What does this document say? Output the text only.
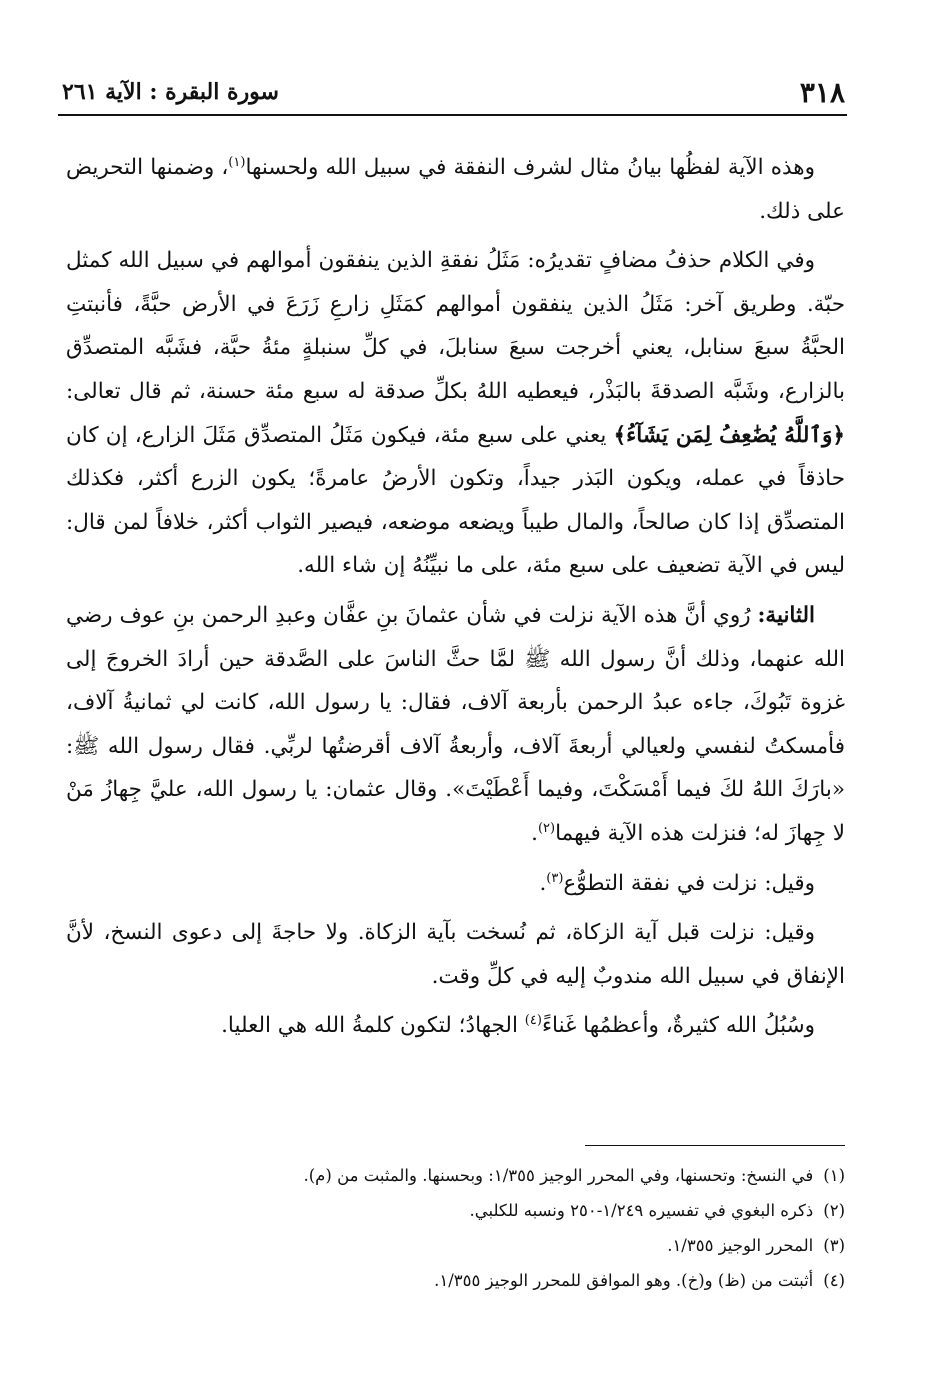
٣١٨
سورة البقرة : الآية ٢٦١

وهذه الآية لفظُها بيانُ مثال لشرف النفقة في سبيل الله ولحسنها$^{(١)}$، وضمنها التحريض على ذلك.

وفي الكلام حذفُ مضافٍ تقديرُه: مَثَلُ نفقةِ الذين ينفقون أموالهم في سبيل الله كمثل حبّة. وطريق آخر: مَثَلُ الذين ينفقون أموالهم كمَثَلِ زارعِ زَرَعَ في الأرض حبَّةً، فأنبتتِ الحبَّةُ سبعَ سنابل، يعني أخرجت سبعَ سنابلَ، في كلِّ سنبلةٍ مئةُ حبَّة، فشَبَّه المتصدِّق بالزارع، وشَبَّه الصدقةَ بالبَذْر، فيعطيه اللهُ بكلِّ صدقة له سبع مئة حسنة، ثم قال تعالى: ﴿وَٱللَّهُ يُضَٰعِفُ لِمَن يَشَآءُ﴾ يعني على سبع مئة، فيكون مَثَلُ المتصدِّق مَثَلَ الزارع، إن كان حاذقاً في عمله، ويكون البَذر جيداً، وتكون الأرضُ عامرةً؛ يكون الزرع أكثر، فكذلك المتصدِّق إذا كان صالحاً، والمال طيباً ويضعه موضعه، فيصير الثواب أكثر، خلافاً لمن قال: ليس في الآية تضعيف على سبع مئة، على ما نبيِّنُهُ إن شاء الله.

الثانية: رُوي أنَّ هذه الآية نزلت في شأن عثمانَ بنِ عفَّان وعبدِ الرحمن بنِ عوف رضي الله عنهما، وذلك أنَّ رسول الله ﷺ لمَّا حثَّ الناسَ على الصَّدقة حين أرادَ الخروجَ إلى غزوة تَبُوكَ، جاءه عبدُ الرحمن بأربعة آلاف، فقال: يا رسول الله، كانت لي ثمانيةُ آلاف، فأمسكتُ لنفسي ولعيالي أربعةَ آلاف، وأربعةُ آلاف أقرضتُها لربِّي. فقال رسول الله ﷺ: «بارَكَ اللهُ لكَ فيما أَمْسَكْتَ، وفيما أَعْطَيْتَ». وقال عثمان: يا رسول الله، عليَّ جِهازُ مَنْ لا جِهازَ له؛ فنزلت هذه الآية فيهما$^{(٢)}$.

وقيل: نزلت في نفقة التطوُّع$^{(٣)}$.

وقيل: نزلت قبل آية الزكاة، ثم نُسخت بآية الزكاة. ولا حاجةَ إلى دعوى النسخ، لأنَّ الإنفاق في سبيل الله مندوبٌ إليه في كلِّ وقت.

وسُبُلُ الله كثيرةٌ، وأعظمُها غَناءً$^{(٤)}$ الجهادُ؛ لتكون كلمةُ الله هي العليا.

(١)
في النسخ: وتحسنها، وفي المحرر الوجيز ١/٣٥٥: وبحسنها. والمثبت من (م).
(٢)
ذكره البغوي في تفسيره ١/٢٤٩-٢٥٠ ونسبه للكلبي.
(٣)
المحرر الوجيز ١/٣٥٥.
(٤)
أثبتت من (ظ) و(خ). وهو الموافق للمحرر الوجيز ١/٣٥٥.
